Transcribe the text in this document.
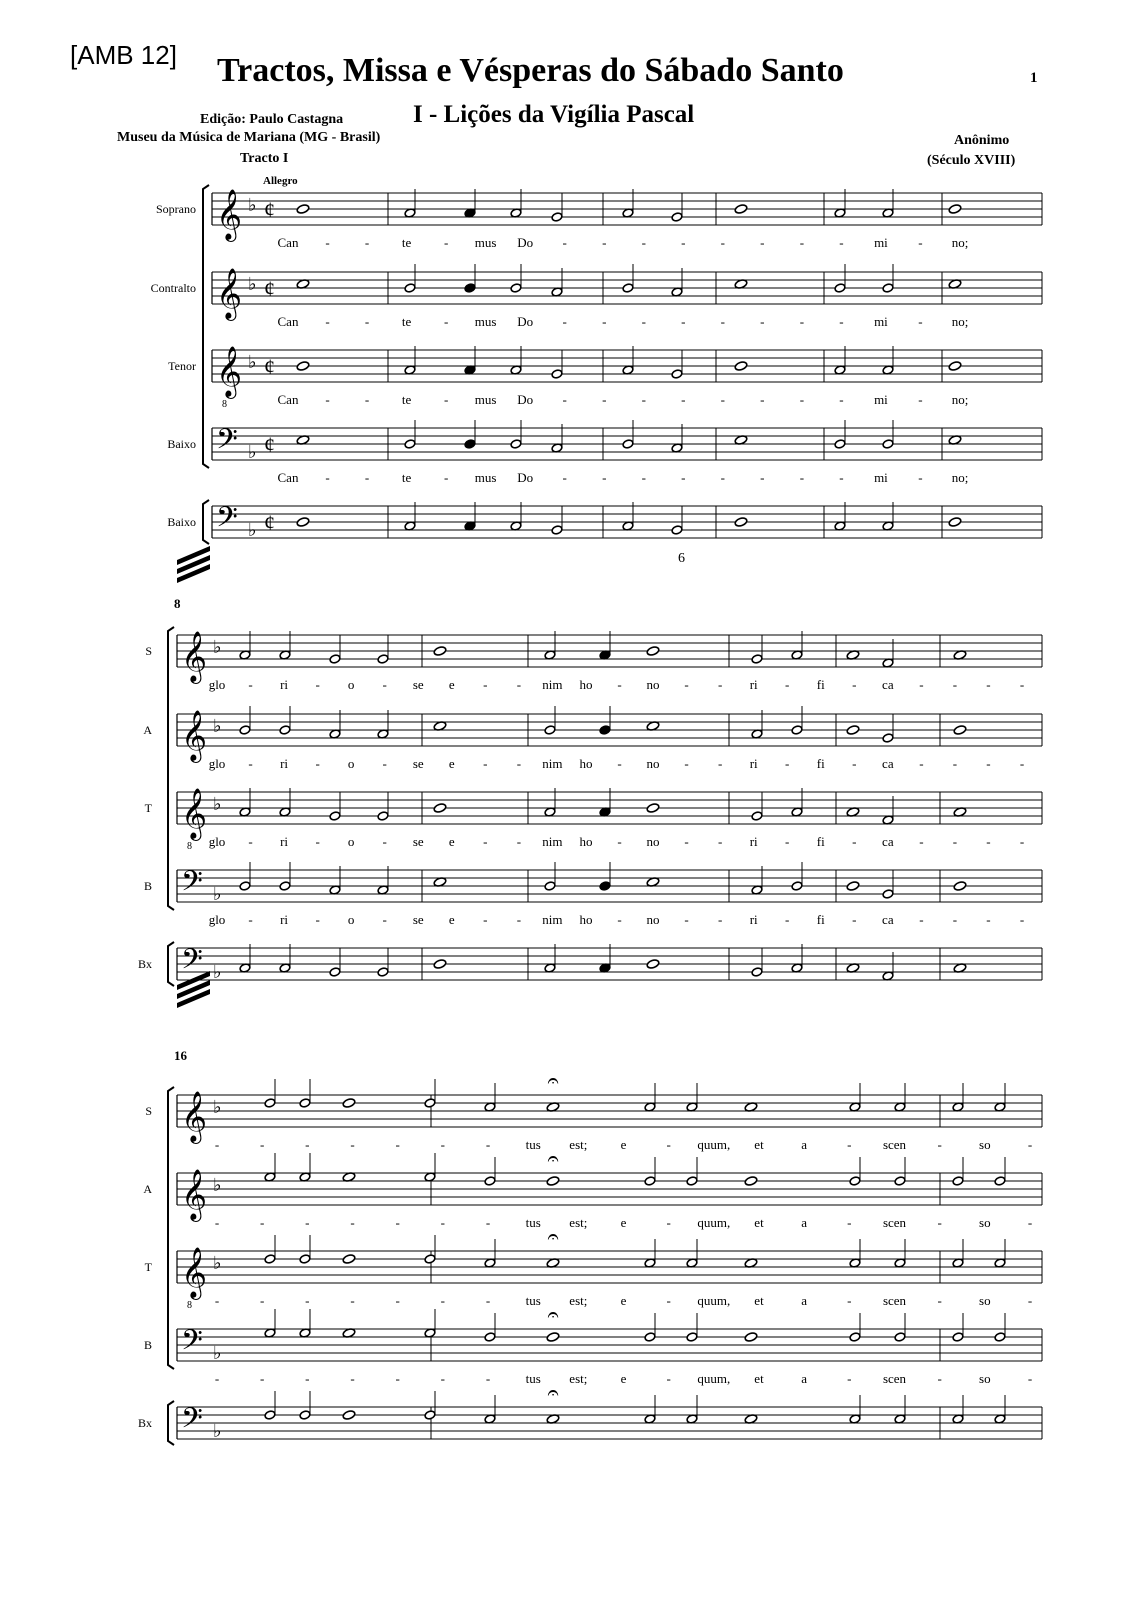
[AMB 12] Tractos, Missa e Vésperas do Sábado Santo	1
Edição: Paulo Castagna	I - Lições da Vigília Pascal
Museu da Música de Mariana (MG - Brasil)	Anônimo
Tracto I	(Século XVIII)
Allegro
6
Soprano 𝄞 ♭ ¢
Can -	-	te	- mus Do -	-	-	-	-	-	-	- mi - no;
Contralto 𝄞 ♭ ¢
Can -	-	te	- mus Do -	-	-	-	-	-	-	- mi - no;
Tenor 𝄞
8
♭ ¢
Can -	-	te	- mus Do -	-	-	-	-	-	-	- mi - no;
Baixo 𝄢 ♭ ¢
Can -	-	te	- mus Do -	-	-	-	-	-	-	- mi - no;
Baixo 𝄢 ♭ ¢
8
S 𝄞 ♭
glo - ri - o - se e - - nim ho - no - - ri - fi - ca - - - -
A 𝄞 ♭
glo - ri - o - se e - - nim ho - no - - ri - fi - ca - - - -
T 𝄞
8
♭
glo - ri - o - se e - - nim ho - no - - ri - fi - ca - - - -
B 𝄢 ♭
glo - ri - o - se e - - nim ho - no - - ri - fi - ca - - - -
Bx 𝄢 ♭
16
S 𝄞 ♭
-	-	-	-	-	-	-	tus est;	e	- quum, et	a	- scen -	so	-
A 𝄞 ♭
-	-	-	-	-	-	-	tus est;	e	- quum, et	a	- scen -	so	-
T 𝄞
8
♭
-	-	-	-	-	-	-	tus est;	e	- quum, et	a	- scen -	so	-
B 𝄢 ♭
-	-	-	-	-	-	-	tus est;	e	- quum, et	a	- scen -	so	-
Bx 𝄢 ♭
𝄐
𝄐
𝄐
𝄐
𝄐
